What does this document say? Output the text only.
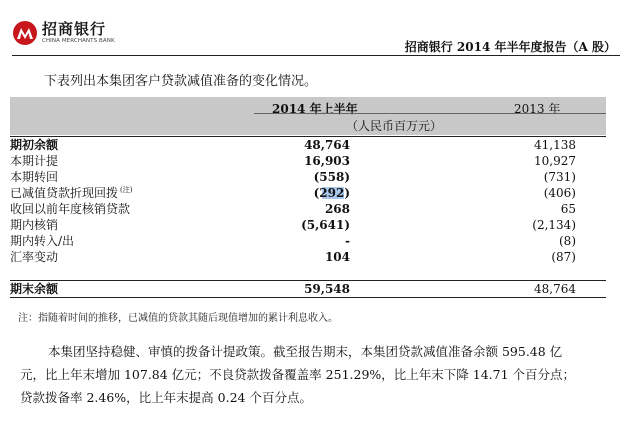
招商银行
CHINA MERCHANTS BANK	招商银行 2014 年半年度报告（A 股）
下表列出本集团客户贷款减值准备的变化情况。
2014 年上半年	2013 年
（人民币百万元）
期初余额	48,764	41,138
本期计提	16,903	10,927
本期转回	(558)	(731)
已减值贷款折现回拨 (注)	(292)	(406)
收回以前年度核销贷款	268	65
期内核销	(5,641)	(2,134)
期内转入/出	-	(8)
汇率变动	104	(87)
期末余额	59,548	48,764
注：指随着时间的推移，已减值的贷款其随后现值增加的累计利息收入。

本集团坚持稳健、审慎的拨备计提政策。截至报告期末，本集团贷款减值准备余额 595.48 亿

元，比上年末增加 107.84 亿元；不良贷款拨备覆盖率 251.29%，比上年末下降 14.71 个百分点；
贷款拨备率 2.46%，比上年末提高 0.24 个百分点。
